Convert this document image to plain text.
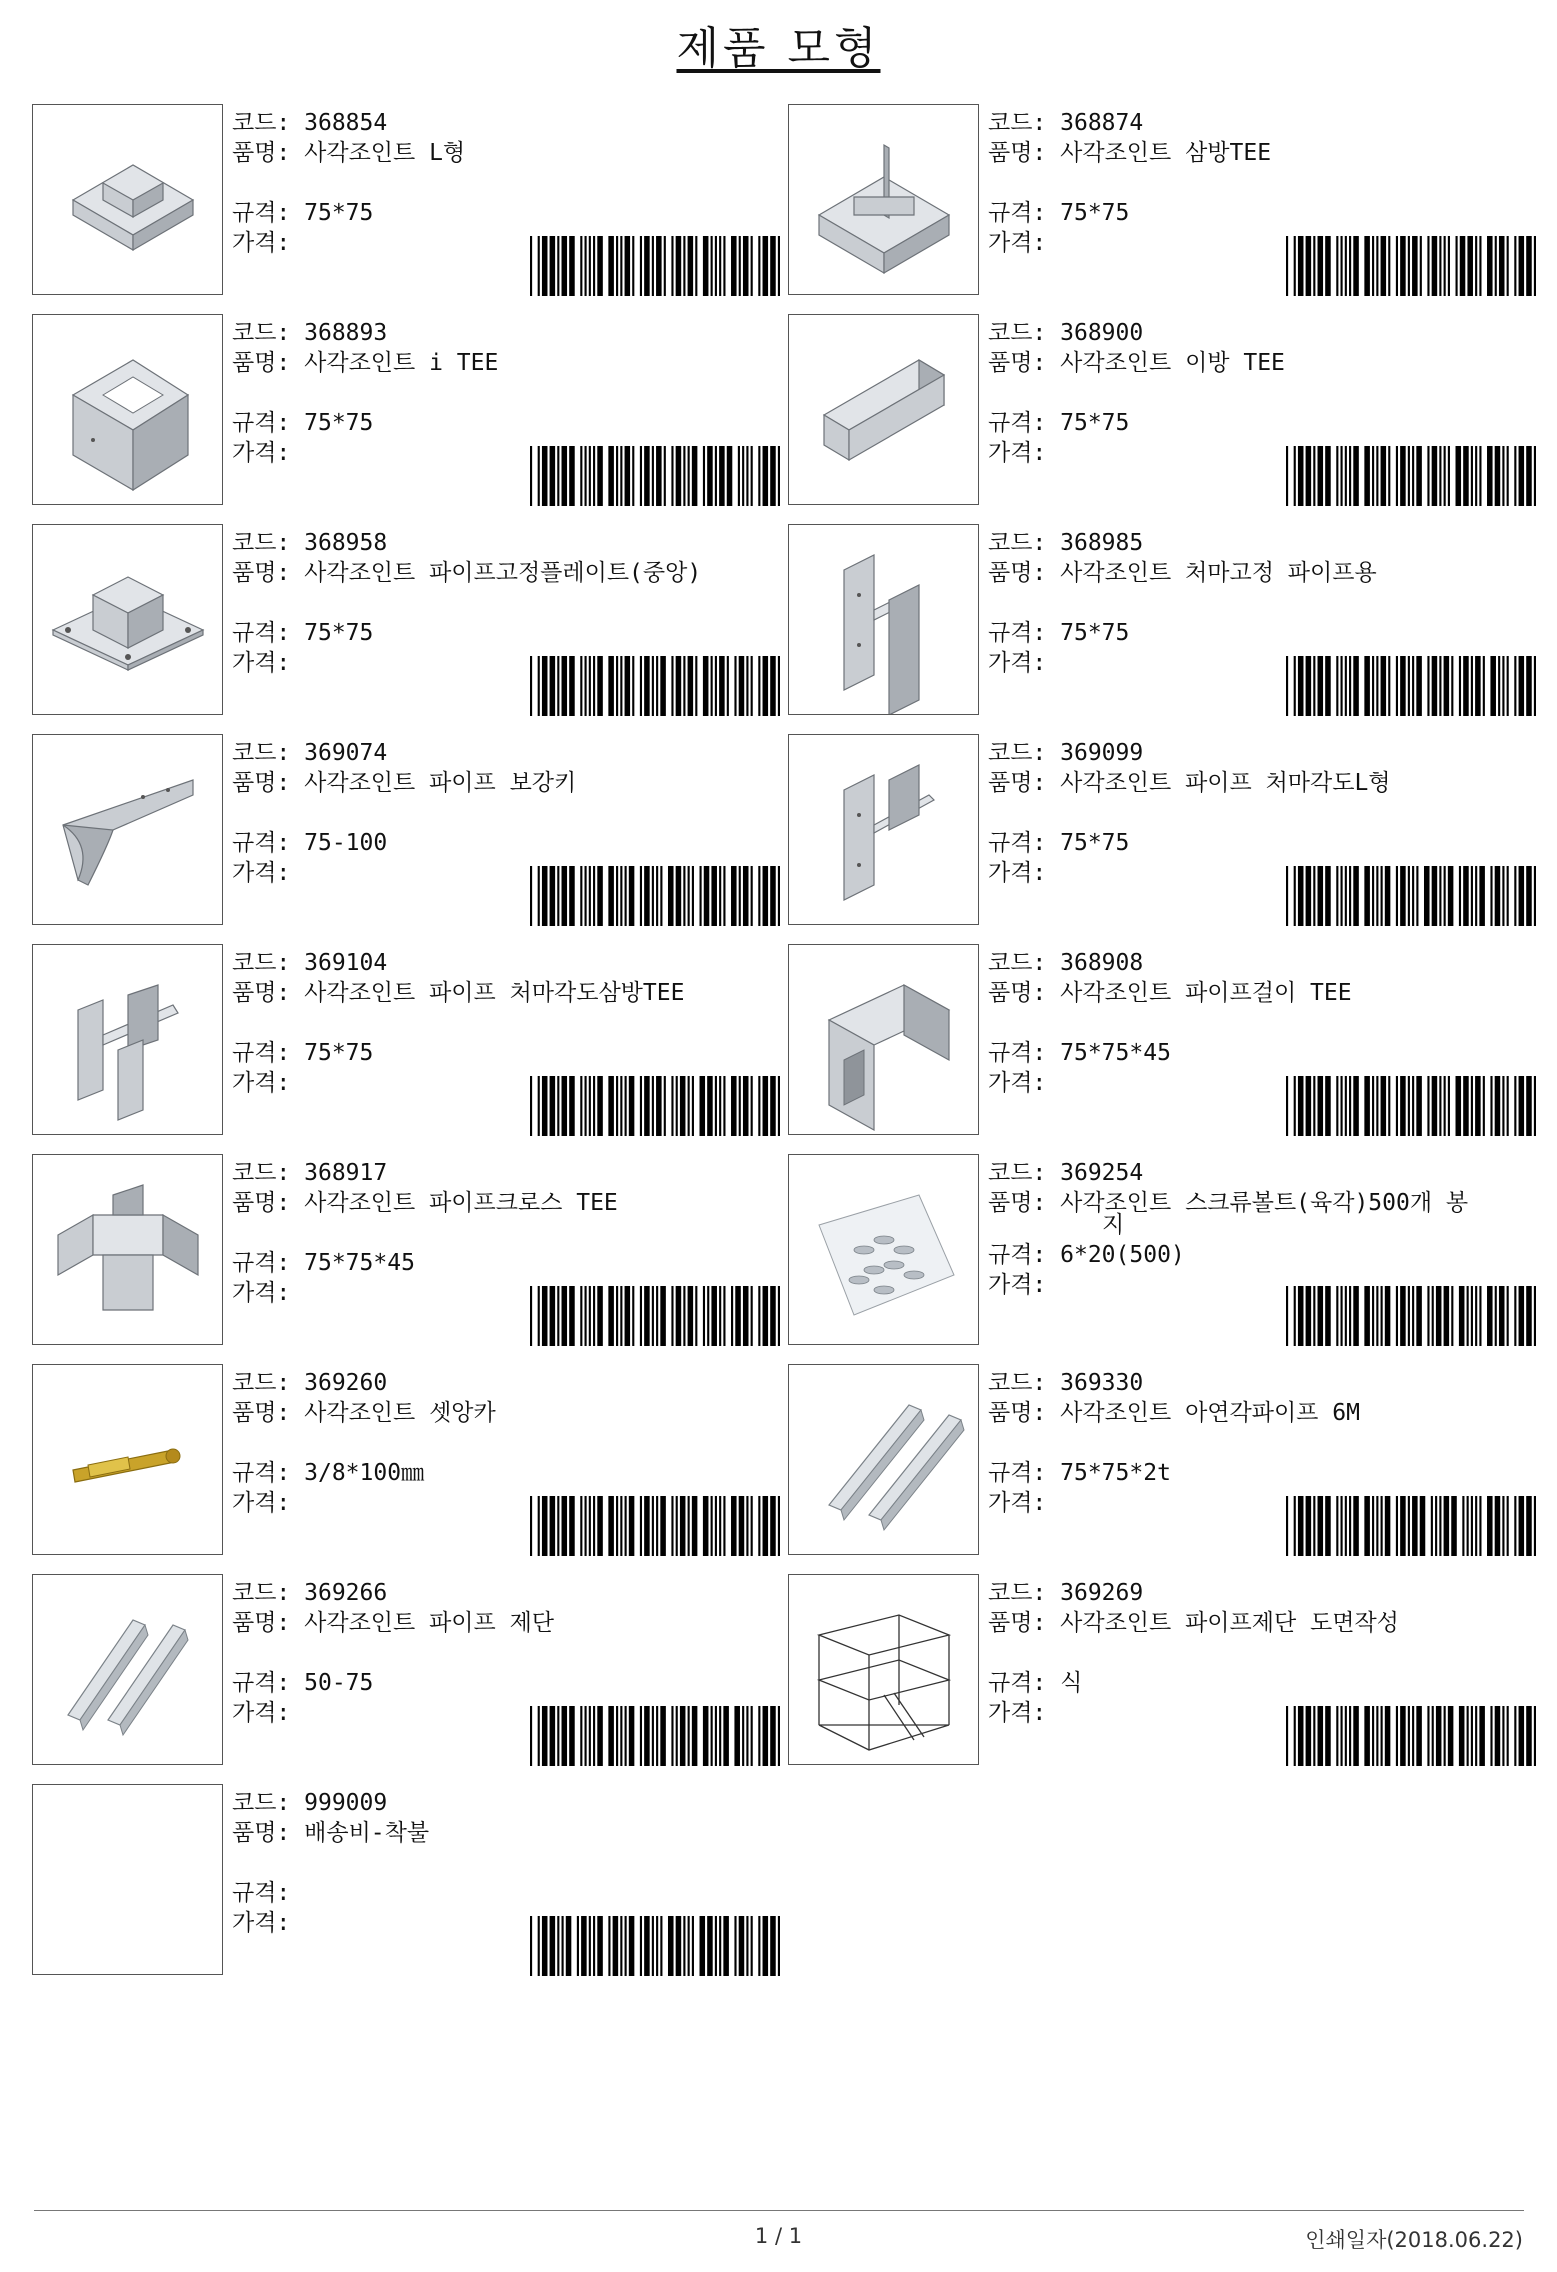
제품 모형
코드: 368854
품명: 사각조인트 L형
규격: 75*75
가격:
코드: 368874
품명: 사각조인트 삼방TEE
규격: 75*75
가격:
코드: 368893
품명: 사각조인트 i TEE
규격: 75*75
가격:
코드: 368900
품명: 사각조인트 이방 TEE
규격: 75*75
가격:
코드: 368958
품명: 사각조인트 파이프고정플레이트(중앙)
규격: 75*75
가격:
코드: 368985
품명: 사각조인트 처마고정 파이프용
규격: 75*75
가격:
코드: 369074
품명: 사각조인트 파이프 보강키
규격: 75-100
가격:
코드: 369099
품명: 사각조인트 파이프 처마각도L형
규격: 75*75
가격:
코드: 369104
품명: 사각조인트 파이프 처마각도삼방TEE
규격: 75*75
가격:
코드: 368908
품명: 사각조인트 파이프걸이 TEE
규격: 75*75*45
가격:
코드: 368917
품명: 사각조인트 파이프크로스 TEE
규격: 75*75*45
가격:
코드: 369254
품명: 사각조인트 스크류볼트(육각)500개 봉
지
규격: 6*20(500)
가격:
코드: 369260
품명: 사각조인트 셋앙카
규격: 3/8*100㎜
가격:
코드: 369330
품명: 사각조인트 아연각파이프 6M
규격: 75*75*2t
가격:
코드: 369266
품명: 사각조인트 파이프 제단
규격: 50-75
가격:
코드: 369269
품명: 사각조인트 파이프제단 도면작성
규격: 식
가격:
코드: 999009
품명: 배송비-착불
규격:
가격:
1 / 1	인쇄일자(2018.06.22)
